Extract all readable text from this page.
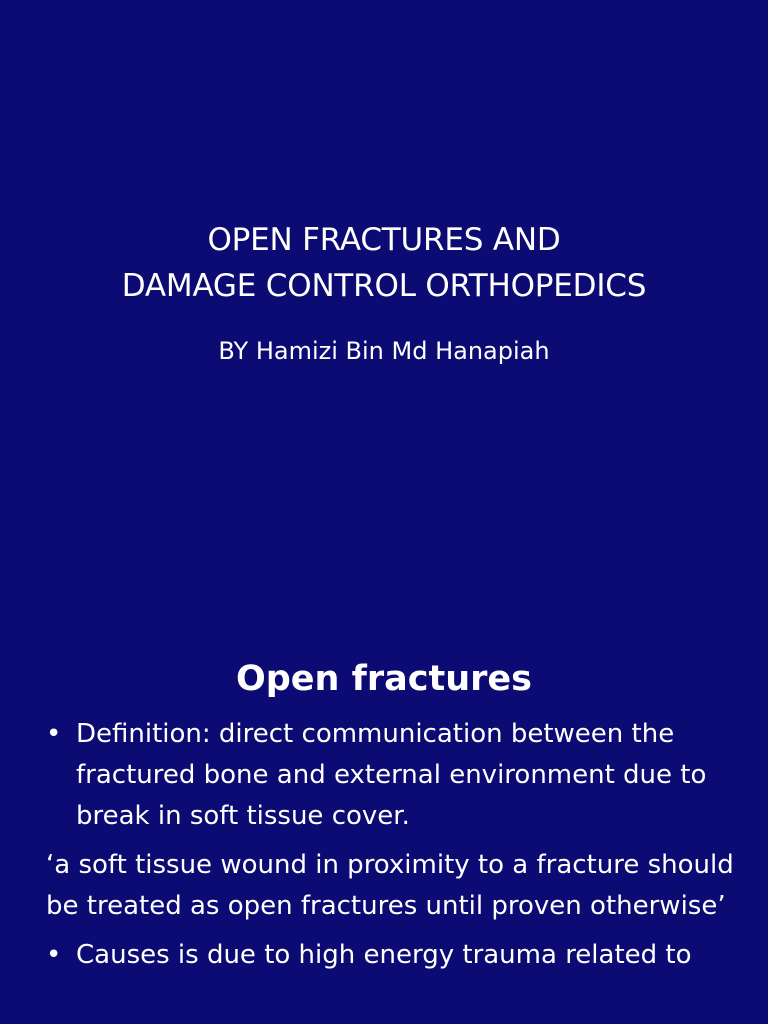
OPEN FRACTURES AND
DAMAGE CONTROL ORTHOPEDICS
BY Hamizi Bin Md Hanapiah
Open fractures
• Definition: direct communication between the fractured bone and external environment due to break in soft tissue cover.
‘a soft tissue wound in proximity to a fracture should be treated as open fractures until proven otherwise’
• Causes is due to high energy trauma related to
